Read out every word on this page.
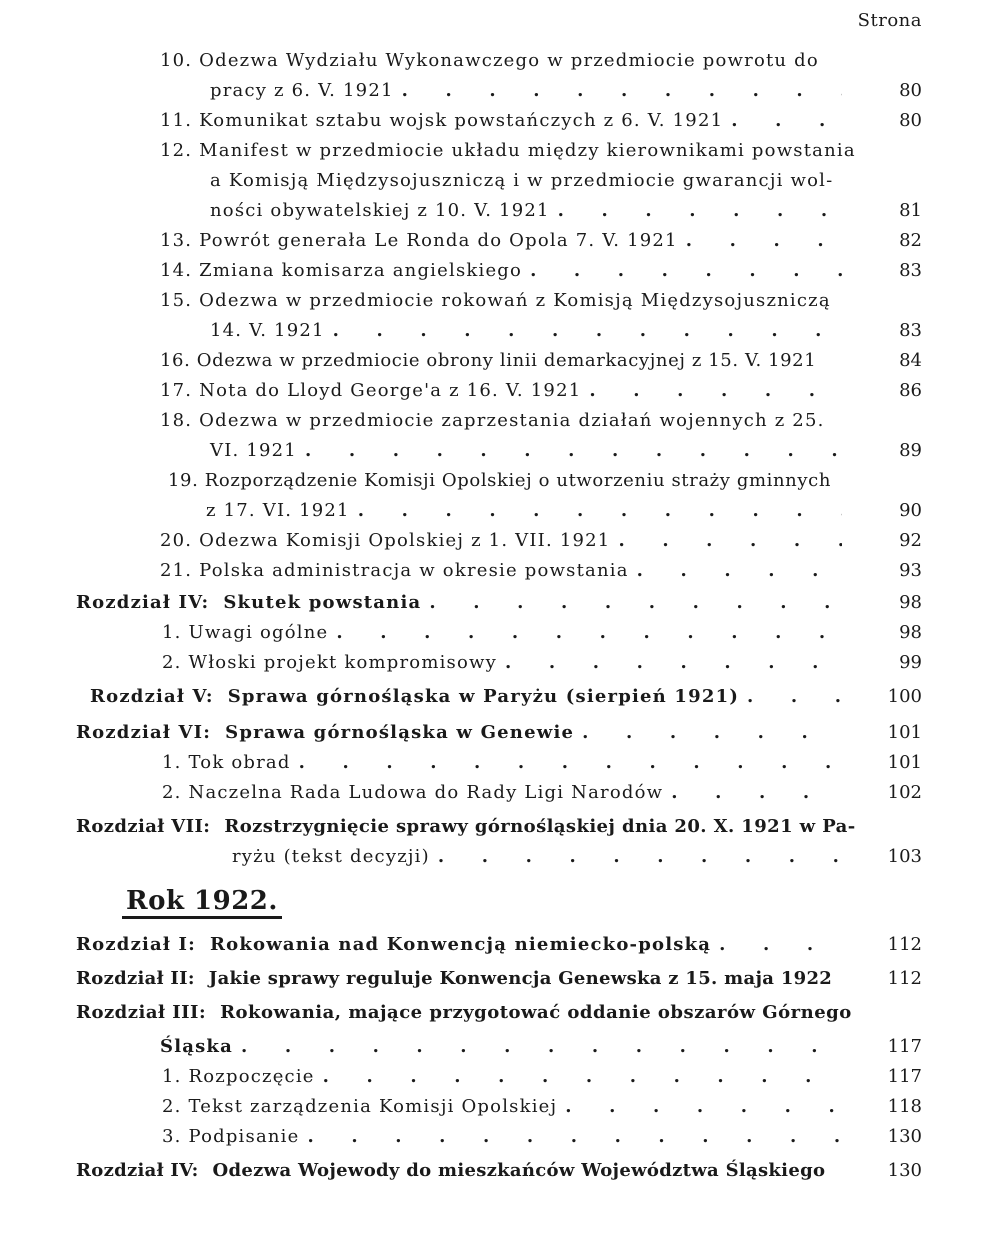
Strona
10. Odezwa Wydziału Wykonawczego w przedmiocie powrotu do
pracy z 6. V. 1921 .	80
11. Komunikat sztabu wojsk powstańczych z 6. V. 1921 .	80
12. Manifest w przedmiocie układu między kierownikami powstania
a Komisją Międzysojuszniczą i w przedmiocie gwarancji wol-
ności obywatelskiej z 10. V. 1921 .	81
13. Powrót generała Le Ronda do Opola 7. V. 1921 .	82
14. Zmiana komisarza angielskiego .	83
15. Odezwa w przedmiocie rokowań z Komisją Międzysojuszniczą
14. V. 1921 .	83
16. Odezwa w przedmiocie obrony linii demarkacyjnej z 15. V. 1921	84
17. Nota do Lloyd George'a z 16. V. 1921 .	86
18. Odezwa w przedmiocie zaprzestania działań wojennych z 25.
VI. 1921 .	89
19. Rozporządzenie Komisji Opolskiej o utworzeniu straży gminnych
z 17. VI. 1921 .	90
20. Odezwa Komisji Opolskiej z 1. VII. 1921 .	92
21. Polska administracja w okresie powstania .	93
Rozdział IV: Skutek powstania .	98
1. Uwagi ogólne .	98
2. Włoski projekt kompromisowy .	99
Rozdział V: Sprawa górnośląska w Paryżu (sierpień 1921) .	100
Rozdział VI: Sprawa górnośląska w Genewie .	101
1. Tok obrad .	101
2. Naczelna Rada Ludowa do Rady Ligi Narodów .	102
Rozdział VII: Rozstrzygnięcie sprawy górnośląskiej dnia 20. X. 1921 w Pa-
ryżu (tekst decyzji) .	103
Rok 1922.
Rozdział I: Rokowania nad Konwencją niemiecko-polską .	112
Rozdział II: Jakie sprawy reguluje Konwencja Genewska z 15. maja 1922	112
Rozdział III: Rokowania, mające przygotować oddanie obszarów Górnego
Śląska .	117
1. Rozpoczęcie .	117
2. Tekst zarządzenia Komisji Opolskiej .	118
3. Podpisanie .	130
Rozdział IV: Odezwa Wojewody do mieszkańców Województwa Śląskiego	130
